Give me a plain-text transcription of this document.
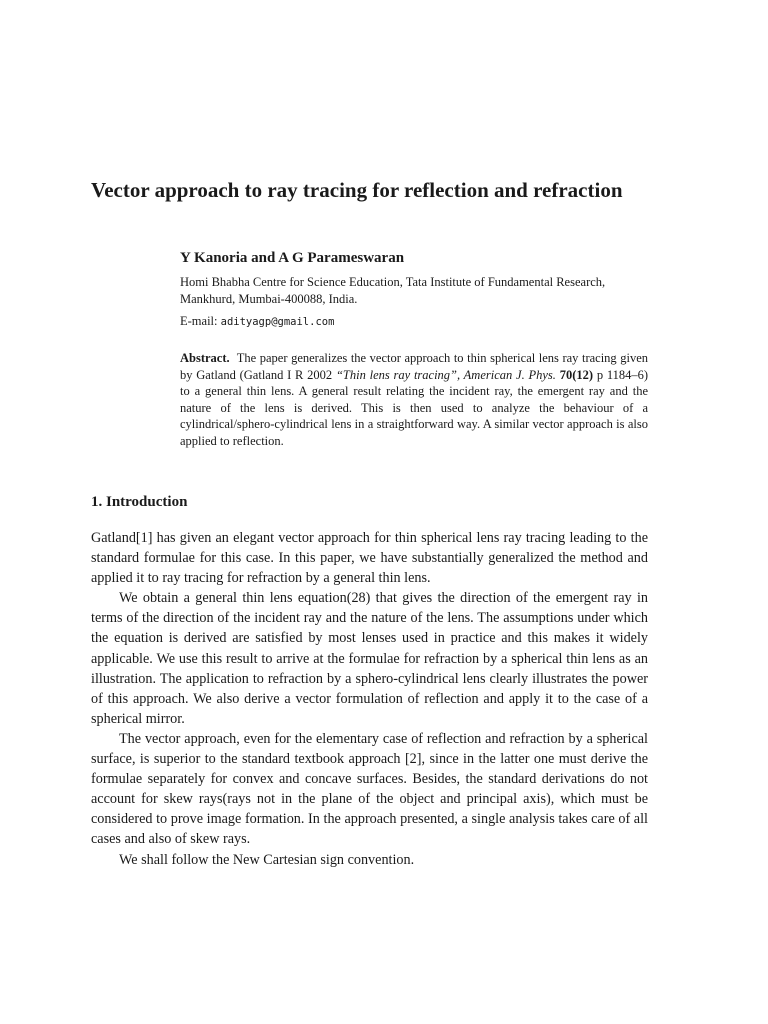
Vector approach to ray tracing for reflection and refraction

Y Kanoria and A G Parameswaran

Homi Bhabha Centre for Science Education, Tata Institute of Fundamental Research, Mankhurd, Mumbai-400088, India.

E-mail: adityagp@gmail.com

Abstract. The paper generalizes the vector approach to thin spherical lens ray tracing given by Gatland (Gatland I R 2002 “Thin lens ray tracing”, American J. Phys. 70(12) p 1184–6) to a general thin lens. A general result relating the incident ray, the emergent ray and the nature of the lens is derived. This is then used to analyze the behaviour of a cylindrical/sphero-cylindrical lens in a straightforward way. A similar vector approach is also applied to reflection.

1. Introduction

Gatland[1] has given an elegant vector approach for thin spherical lens ray tracing leading to the standard formulae for this case. In this paper, we have substantially generalized the method and applied it to ray tracing for refraction by a general thin lens.

We obtain a general thin lens equation(28) that gives the direction of the emergent ray in terms of the direction of the incident ray and the nature of the lens. The assumptions under which the equation is derived are satisfied by most lenses used in practice and this makes it widely applicable. We use this result to arrive at the formulae for refraction by a spherical thin lens as an illustration. The application to refraction by a sphero-cylindrical lens clearly illustrates the power of this approach. We also derive a vector formulation of reflection and apply it to the case of a spherical mirror.

The vector approach, even for the elementary case of reflection and refraction by a spherical surface, is superior to the standard textbook approach [2], since in the latter one must derive the formulae separately for convex and concave surfaces. Besides, the standard derivations do not account for skew rays(rays not in the plane of the object and principal axis), which must be considered to prove image formation. In the approach presented, a single analysis takes care of all cases and also of skew rays.

We shall follow the New Cartesian sign convention.
